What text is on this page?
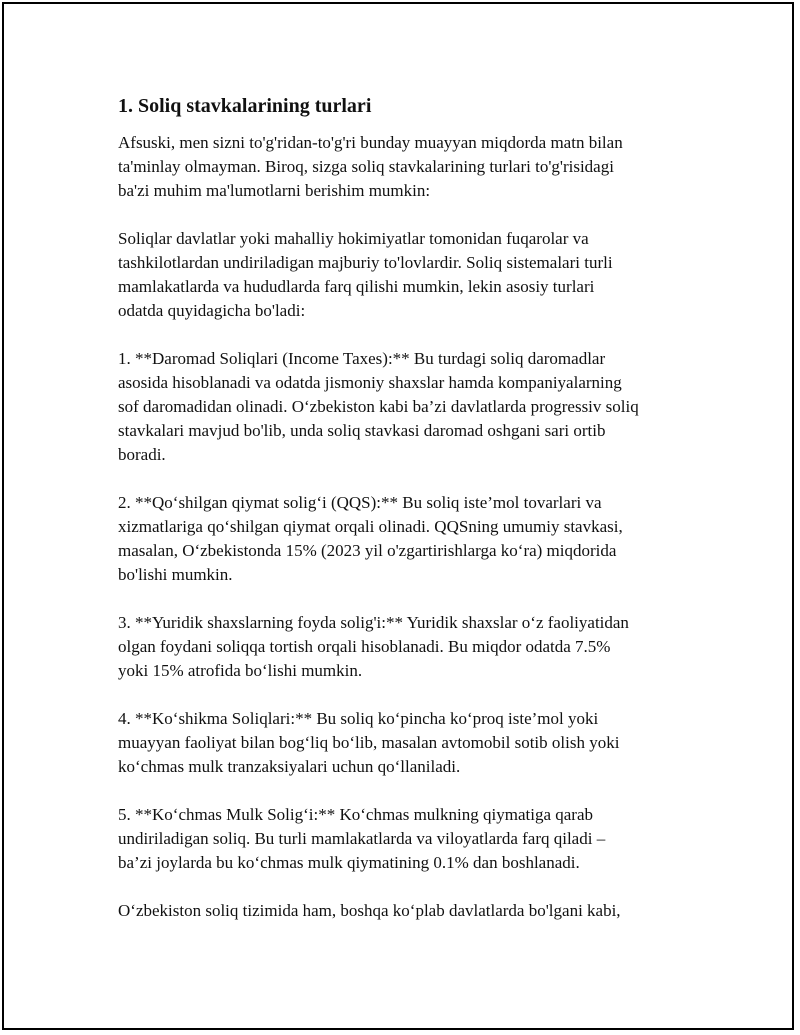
1. Soliq stavkalarining turlari

Afsuski, men sizni to'g'ridan-to'g'ri bunday muayyan miqdorda matn bilan
ta'minlay olmayman. Biroq, sizga soliq stavkalarining turlari to'g'risidagi
ba'zi muhim ma'lumotlarni berishim mumkin:

Soliqlar davlatlar yoki mahalliy hokimiyatlar tomonidan fuqarolar va
tashkilotlardan undiriladigan majburiy to'lovlardir. Soliq sistemalari turli
mamlakatlarda va hududlarda farq qilishi mumkin, lekin asosiy turlari
odatda quyidagicha bo'ladi:

1. **Daromad Soliqlari (Income Taxes):** Bu turdagi soliq daromadlar
asosida hisoblanadi va odatda jismoniy shaxslar hamda kompaniyalarning
sof daromadidan olinadi. O‘zbekiston kabi ba’zi davlatlarda progressiv soliq
stavkalari mavjud bo'lib, unda soliq stavkasi daromad oshgani sari ortib
boradi.

2. **Qo‘shilgan qiymat solig‘i (QQS):** Bu soliq iste’mol tovarlari va
xizmatlariga qo‘shilgan qiymat orqali olinadi. QQSning umumiy stavkasi,
masalan, O‘zbekistonda 15% (2023 yil o'zgartirishlarga ko‘ra) miqdorida
bo'lishi mumkin.

3. **Yuridik shaxslarning foyda solig'i:** Yuridik shaxslar o‘z faoliyatidan
olgan foydani soliqqa tortish orqali hisoblanadi. Bu miqdor odatda 7.5%
yoki 15% atrofida bo‘lishi mumkin.

4. **Ko‘shikma Soliqlari:** Bu soliq ko‘pincha ko‘proq iste’mol yoki
muayyan faoliyat bilan bog‘liq bo‘lib, masalan avtomobil sotib olish yoki
ko‘chmas mulk tranzaksiyalari uchun qo‘llaniladi.

5. **Ko‘chmas Mulk Solig‘i:** Ko‘chmas mulkning qiymatiga qarab
undiriladigan soliq. Bu turli mamlakatlarda va viloyatlarda farq qiladi –
ba’zi joylarda bu ko‘chmas mulk qiymatining 0.1% dan boshlanadi.

O‘zbekiston soliq tizimida ham, boshqa ko‘plab davlatlarda bo'lgani kabi,
